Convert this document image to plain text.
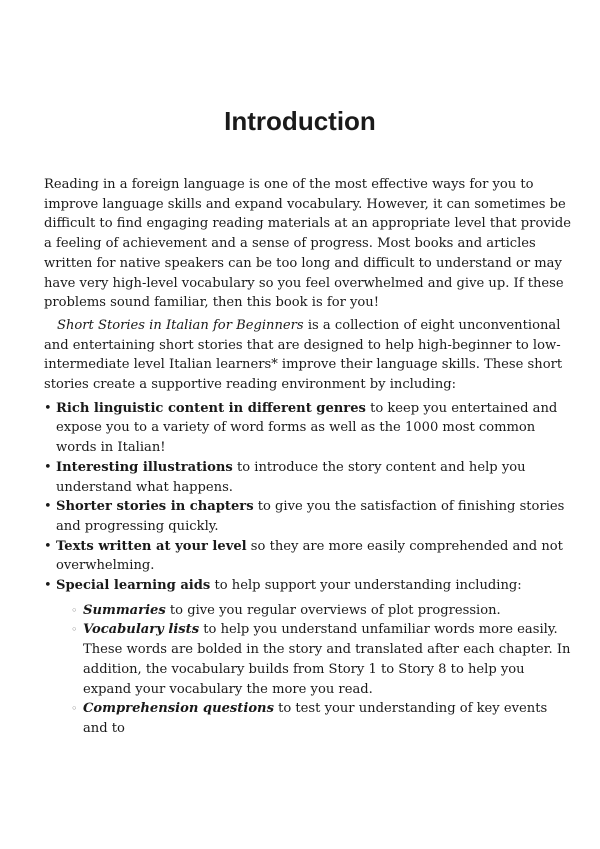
Introduction

Reading in a foreign language is one of the most effective ways for you to improve language skills and expand vocabulary. However, it can sometimes be difficult to find engaging reading materials at an appropriate level that provide a feeling of achievement and a sense of progress. Most books and articles written for native speakers can be too long and difficult to understand or may have very high-level vocabulary so you feel overwhelmed and give up. If these problems sound familiar, then this book is for you!

Short Stories in Italian for Beginners is a collection of eight unconventional and entertaining short stories that are designed to help high-beginner to low-intermediate level Italian learners* improve their language skills. These short stories create a supportive reading environment by including:

• Rich linguistic content in different genres to keep you entertained and expose you to a variety of word forms as well as the 1000 most common words in Italian!
• Interesting illustrations to introduce the story content and help you understand what happens.
• Shorter stories in chapters to give you the satisfaction of finishing stories and progressing quickly.
• Texts written at your level so they are more easily comprehended and not overwhelming.
• Special learning aids to help support your understanding including:
◦ Summaries to give you regular overviews of plot progression.
◦ Vocabulary lists to help you understand unfamiliar words more easily. These words are bolded in the story and translated after each chapter. In addition, the vocabulary builds from Story 1 to Story 8 to help you expand your vocabulary the more you read.
◦ Comprehension questions to test your understanding of key events and to
